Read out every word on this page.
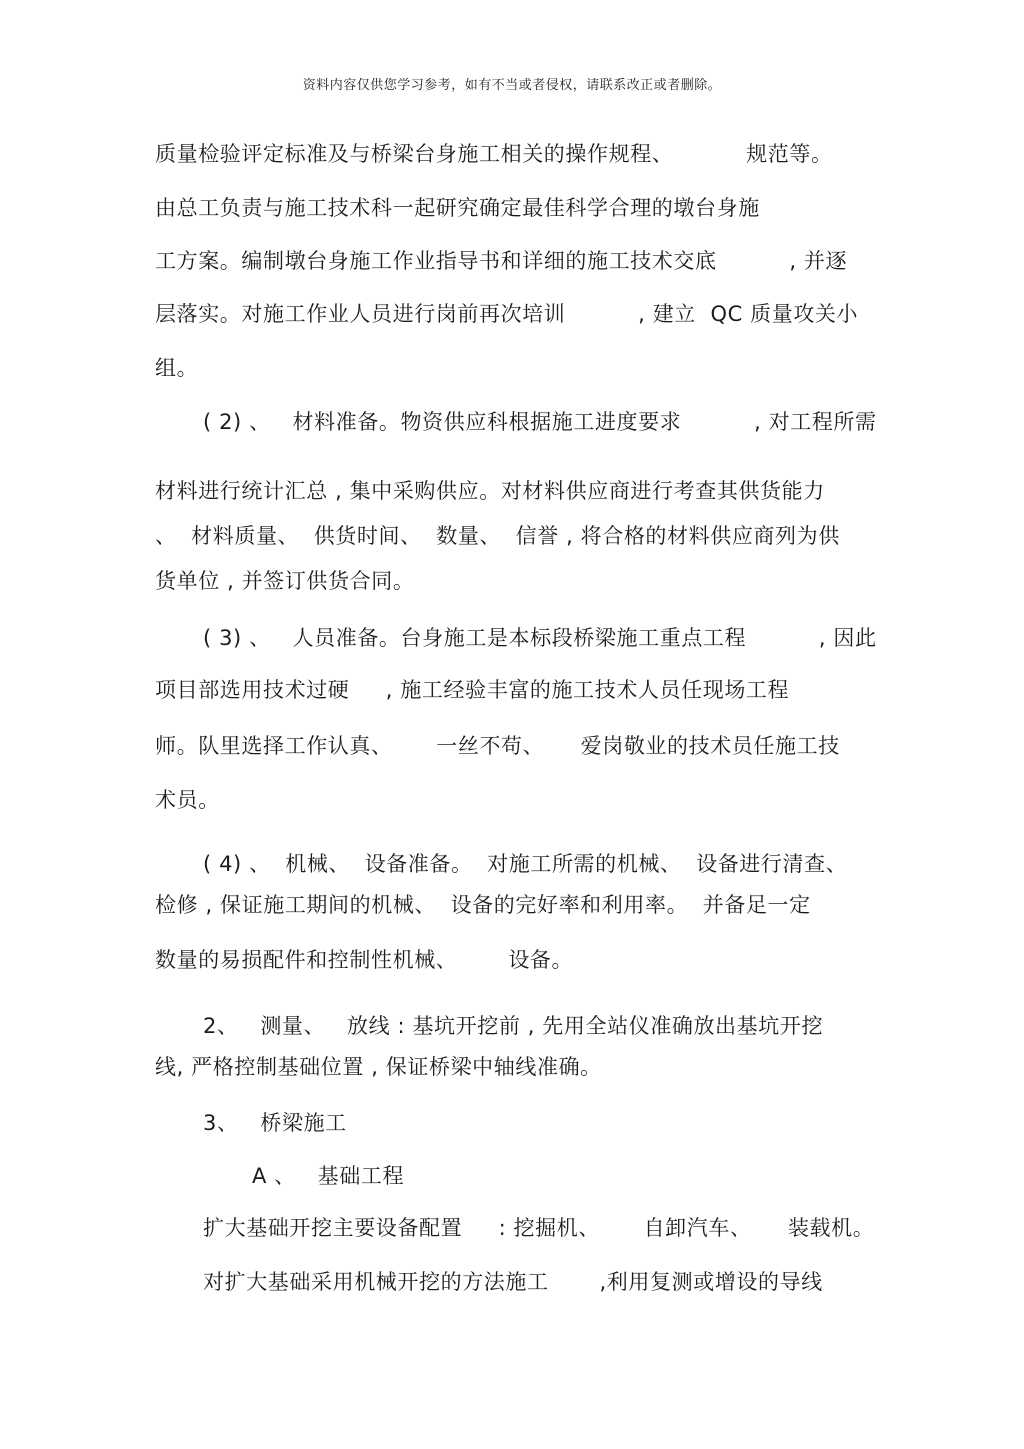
资料内容仅供您学习参考，如有不当或者侵权，请联系改正或者删除。
质量检验评定标准及与桥梁台身施工相关的操作规程、          规范等。
由总工负责与施工技术科一起研究确定最佳科学合理的墩台身施
工方案。编制墩台身施工作业指导书和详细的施工技术交底          , 并逐
层落实。对施工作业人员进行岗前再次培训          , 建立  QC 质量攻关小
组。
( 2) 、   材料准备。物资供应科根据施工进度要求          , 对工程所需
材料进行统计汇总 , 集中采购供应。对材料供应商进行考查其供货能力
、  材料质量、  供货时间、  数量、  信誉 , 将合格的材料供应商列为供
货单位 , 并签订供货合同。
( 3) 、   人员准备。台身施工是本标段桥梁施工重点工程          , 因此
项目部选用技术过硬     , 施工经验丰富的施工技术人员任现场工程
师。队里选择工作认真、      一丝不苟、     爱岗敬业的技术员任施工技
术员。
( 4) 、  机械、  设备准备。  对施工所需的机械、  设备进行清查、
检修 , 保证施工期间的机械、  设备的完好率和利用率。  并备足一定
数量的易损配件和控制性机械、       设备。
2、   测量、   放线 : 基坑开挖前 , 先用全站仪准确放出基坑开挖
线, 严格控制基础位置 , 保证桥梁中轴线准确。
3、   桥梁施工
A 、   基础工程
扩大基础开挖主要设备配置     : 挖掘机、      自卸汽车、     装载机。
对扩大基础采用机械开挖的方法施工       ,利用复测或增设的导线
